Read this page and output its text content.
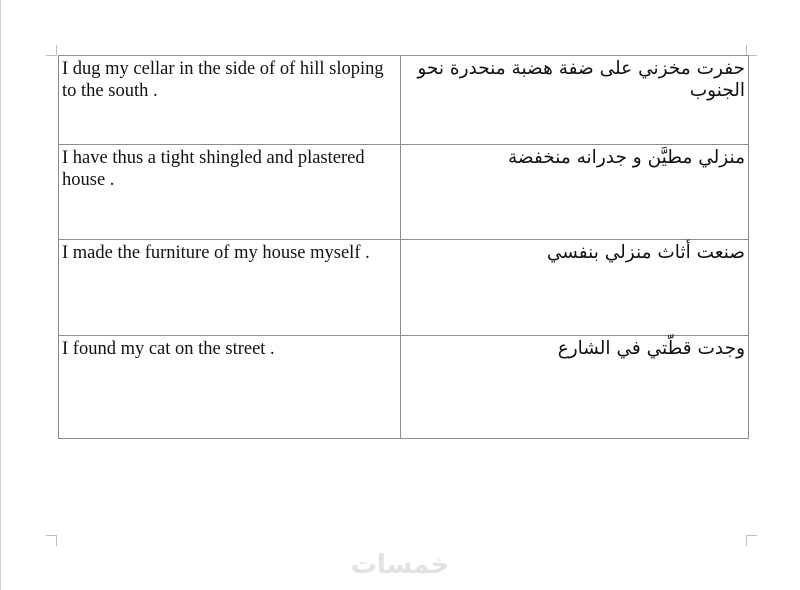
I dug my cellar in the side of of hill sloping to the south .	حفرت مخزني على ضفة هضبة منحدرة نحو الجنوب
I have thus a tight shingled and plastered house .	منزلي مطيَّن و جدرانه منخفضة
I made the furniture of my house myself .	صنعت أثاث منزلي بنفسي
I found my cat on the street .	وجدت قطّتي في الشارع
خمسات
